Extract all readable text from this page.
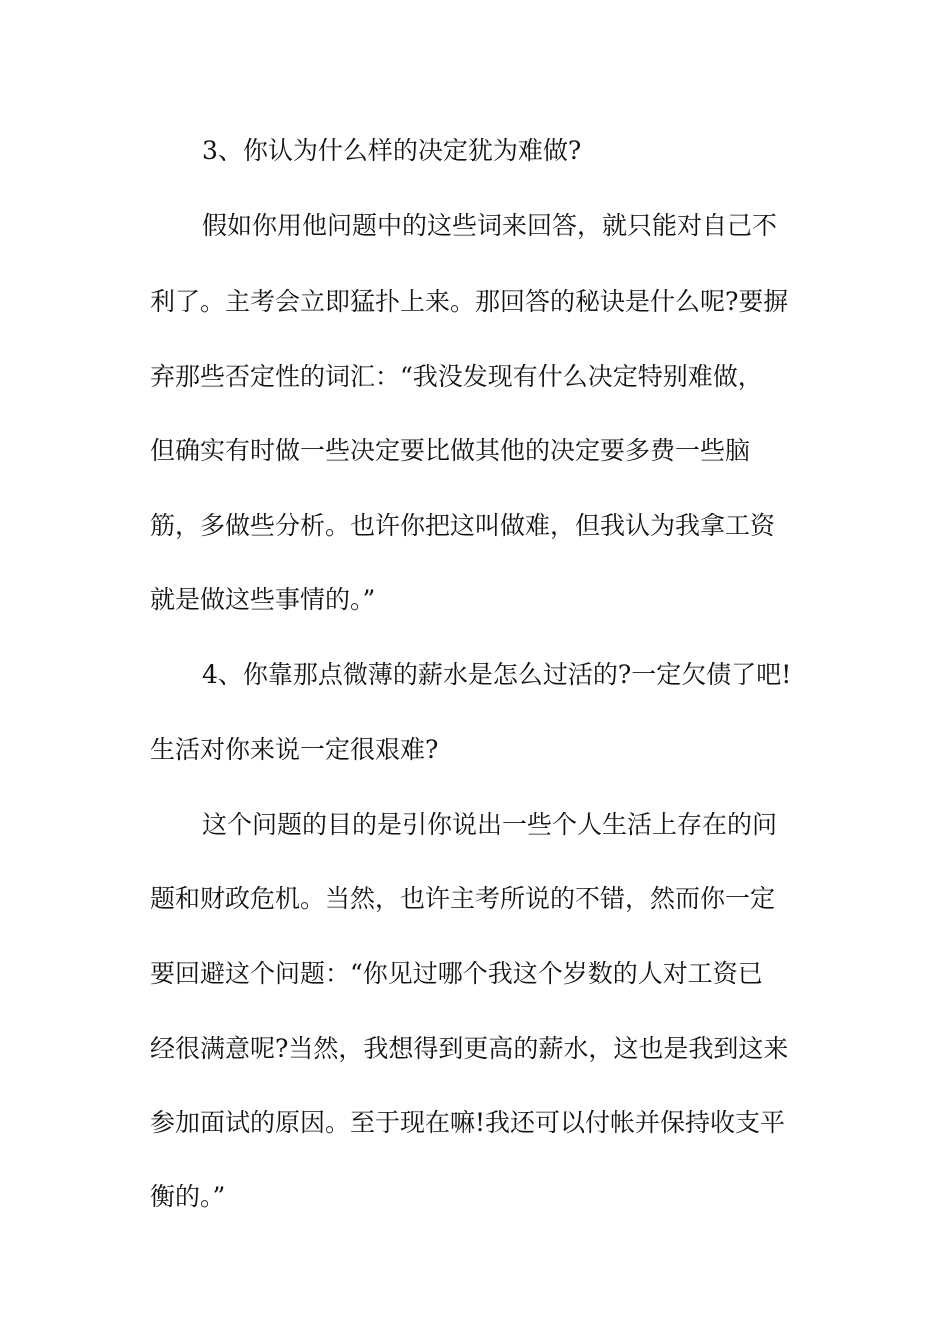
3、你认为什么样的决定犹为难做?
假如你用他问题中的这些词来回答，就只能对自己不
利了。主考会立即猛扑上来。那回答的秘诀是什么呢?要摒
弃那些否定性的词汇：“我没发现有什么决定特别难做，
但确实有时做一些决定要比做其他的决定要多费一些脑
筋，多做些分析。也许你把这叫做难，但我认为我拿工资
就是做这些事情的。”
4、你靠那点微薄的薪水是怎么过活的?一定欠债了吧!
生活对你来说一定很艰难?
这个问题的目的是引你说出一些个人生活上存在的问
题和财政危机。当然，也许主考所说的不错，然而你一定
要回避这个问题：“你见过哪个我这个岁数的人对工资已
经很满意呢?当然，我想得到更高的薪水，这也是我到这来
参加面试的原因。至于现在嘛!我还可以付帐并保持收支平
衡的。”
